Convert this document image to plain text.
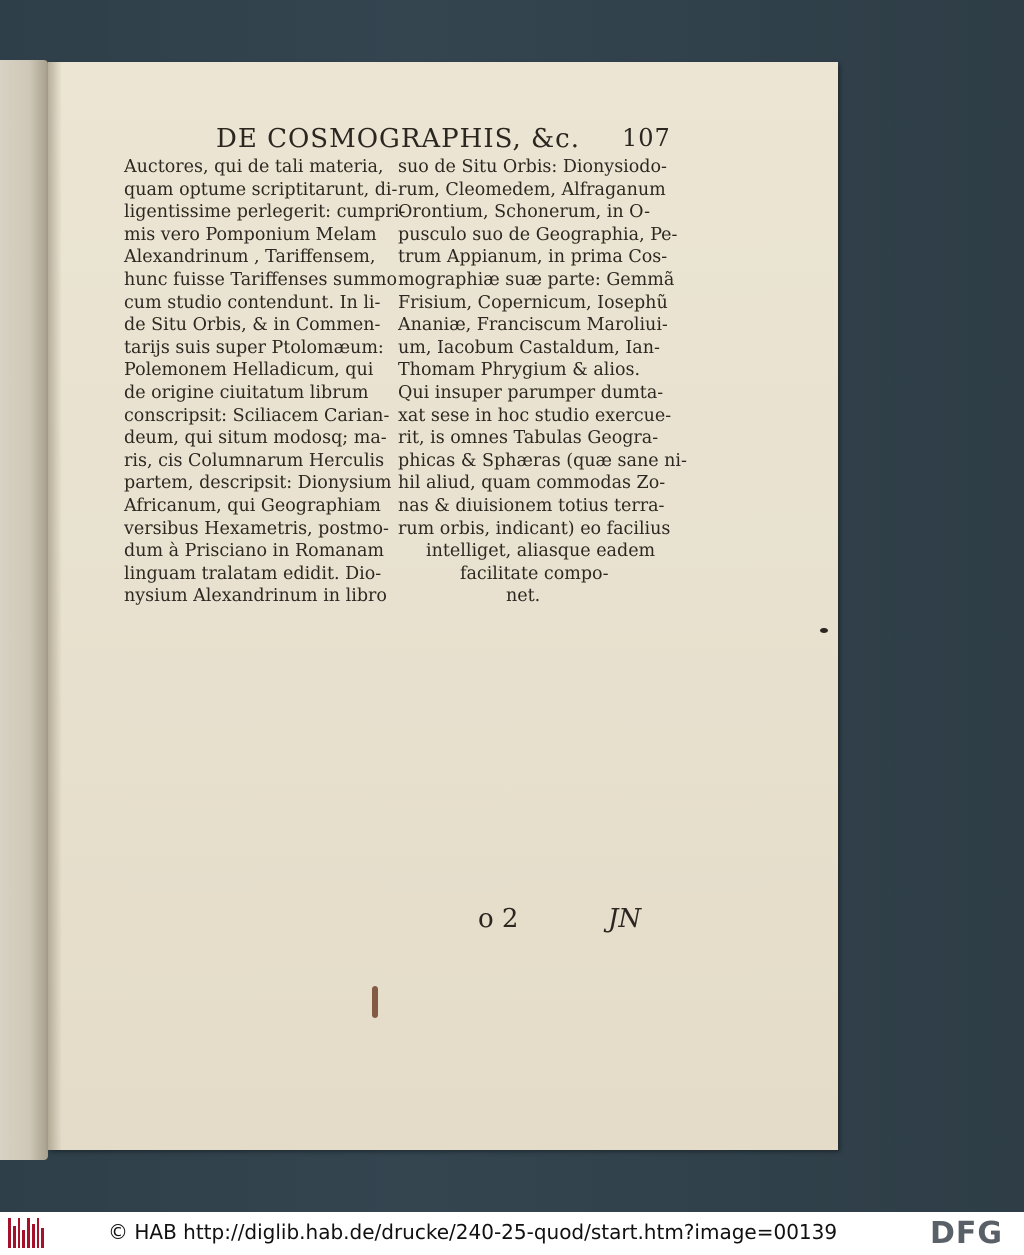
DE COSMOGRAPHIS, &c. 107
Auctores, qui de tali materia,
quam optume scriptitarunt, di-
ligentissime perlegerit: cumpri-
mis vero Pomponium Melam
Alexandrinum , Tariffensem,
hunc fuisse Tariffenses summo
cum studio contendunt. In li-
de Situ Orbis, & in Commen-
tarijs suis super Ptolomæum:
Polemonem Helladicum, qui
de origine ciuitatum librum
conscripsit: Sciliacem Carian-
deum, qui situm modosq; ma-
ris, cis Columnarum Herculis
partem, descripsit: Dionysium
Africanum, qui Geographiam
versibus Hexametris, postmo-
dum à Prisciano in Romanam
linguam tralatam edidit. Dio-
nysium Alexandrinum in libro
suo de Situ Orbis: Dionysiodo-
rum, Cleomedem, Alfraganum
Orontium, Schonerum, in O-
pusculo suo de Geographia, Pe-
trum Appianum, in prima Cos-
mographiæ suæ parte: Gemmã
Frisium, Copernicum, Iosephũ
Ananiæ, Franciscum Maroliui-
um, Iacobum Castaldum, Ian-
Thomam Phrygium & alios.
Qui insuper parumper dumta-
xat sese in hoc studio exercue-
rit, is omnes Tabulas Geogra-
phicas & Sphæras (quæ sane ni-
hil aliud, quam commodas Zo-
nas & diuisionem totius terra-
rum orbis, indicant) eo facilius
intelliget, aliasque eadem
facilitate compo-
net.
o 2	JN
© HAB http://diglib.hab.de/drucke/240-25-quod/start.htm?image=00139	DFG
